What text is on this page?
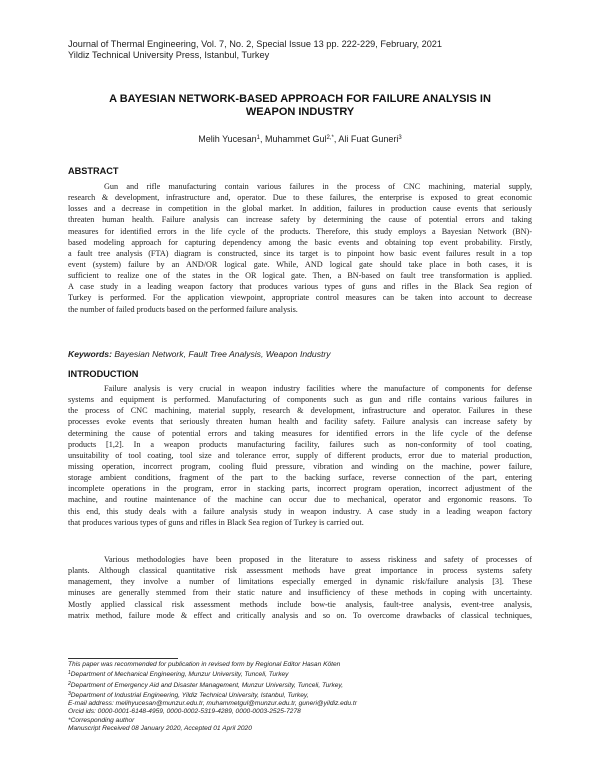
Journal of Thermal Engineering, Vol. 7, No. 2, Special Issue 13 pp. 222-229, February, 2021
Yildiz Technical University Press, Istanbul, Turkey
A BAYESIAN NETWORK-BASED APPROACH FOR FAILURE ANALYSIS IN
WEAPON INDUSTRY
Melih Yucesan$^1$, Muhammet Gul$^{2,*}$, Ali Fuat Guneri$^3$
ABSTRACT
Gun and rifle manufacturing contain various failures in the process of CNC machining, material supply,
research & development, infrastructure and, operator. Due to these failures, the enterprise is exposed to great economic
losses and a decrease in competition in the global market. In addition, failures in production cause events that seriously
threaten human health. Failure analysis can increase safety by determining the cause of potential errors and taking
measures for identified errors in the life cycle of the products. Therefore, this study employs a Bayesian Network (BN)-
based modeling approach for capturing dependency among the basic events and obtaining top event probability. Firstly,
a fault tree analysis (FTA) diagram is constructed, since its target is to pinpoint how basic event failures result in a top
event (system) failure by an AND/OR logical gate. While, AND logical gate should take place in both cases, it is
sufficient to realize one of the states in the OR logical gate. Then, a BN-based on fault tree transformation is applied.
A case study in a leading weapon factory that produces various types of guns and rifles in the Black Sea region of
Turkey is performed. For the application viewpoint, appropriate control measures can be taken into account to decrease
the number of failed products based on the performed failure analysis.
Keywords: Bayesian Network, Fault Tree Analysis, Weapon Industry
INTRODUCTION
Failure analysis is very crucial in weapon industry facilities where the manufacture of components for defense
systems and equipment is performed. Manufacturing of components such as gun and rifle contains various failures in
the process of CNC machining, material supply, research & development, infrastructure and operator. Failures in these
processes evoke events that seriously threaten human health and facility safety. Failure analysis can increase safety by
determining the cause of potential errors and taking measures for identified errors in the life cycle of the defense
products [1,2]. In a weapon products manufacturing facility, failures such as non-conformity of tool coating,
unsuitability of tool coating, tool size and tolerance error, supply of different products, error due to material production,
missing operation, incorrect program, cooling fluid pressure, vibration and winding on the machine, power failure,
storage ambient conditions, fragment of the part to the backing surface, reverse connection of the part, entering
incomplete operations in the program, error in stacking parts, incorrect program operation, incorrect adjustment of the
machine, and routine maintenance of the machine can occur due to mechanical, operator and ergonomic reasons. To
this end, this study deals with a failure analysis study in weapon industry. A case study in a leading weapon factory
that produces various types of guns and rifles in Black Sea region of Turkey is carried out.
Various methodologies have been proposed in the literature to assess riskiness and safety of processes of
plants. Although classical quantitative risk assessment methods have great importance in process systems safety
management, they involve a number of limitations especially emerged in dynamic risk/failure analysis [3]. These
minuses are generally stemmed from their static nature and insufficiency of these methods in coping with uncertainty.
Mostly applied classical risk assessment methods include bow-tie analysis, fault-tree analysis, event-tree analysis,
matrix method, failure mode & effect and critically analysis and so on. To overcome drawbacks of classical techniques,
This paper was recommended for publication in revised form by Regional Editor Hasan Köten
$^1$Department of Mechanical Engineering, Munzur University, Tunceli, Turkey
$^2$Department of Emergency Aid and Disaster Management, Munzur University, Tunceli, Turkey,
$^3$Department of Industrial Engineering, Yildiz Technical University, Istanbul, Turkey,
E-mail address: melihyucesan@munzur.edu.tr, muhammetgul@munzur.edu.tr, guneri@yildiz.edu.tr
Orcid ids: 0000-0001-6148-4959, 0000-0002-5319-4289, 0000-0003-2525-7278
*Corresponding author
Manuscript Received 08 January 2020, Accepted 01 April 2020
